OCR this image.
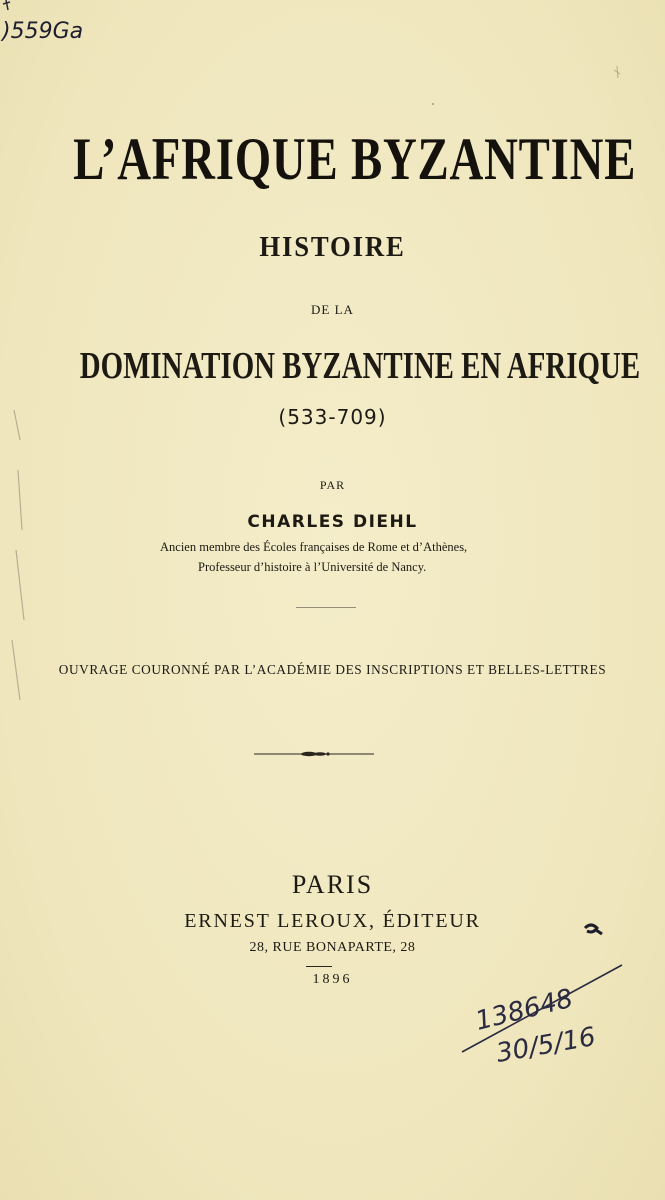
)559Ga
L’AFRIQUE BYZANTINE
HISTOIRE
DE LA
DOMINATION BYZANTINE EN AFRIQUE
(533-709)
PAR
CHARLES DIEHL
Ancien membre des Écoles françaises de Rome et d’Athènes,
Professeur d’histoire à l’Université de Nancy.
OUVRAGE COURONNÉ PAR L’ACADÉMIE DES INSCRIPTIONS ET BELLES-LETTRES
PARIS
ERNEST LEROUX, ÉDITEUR
28, RUE BONAPARTE, 28
1896
138648
30/5/16
